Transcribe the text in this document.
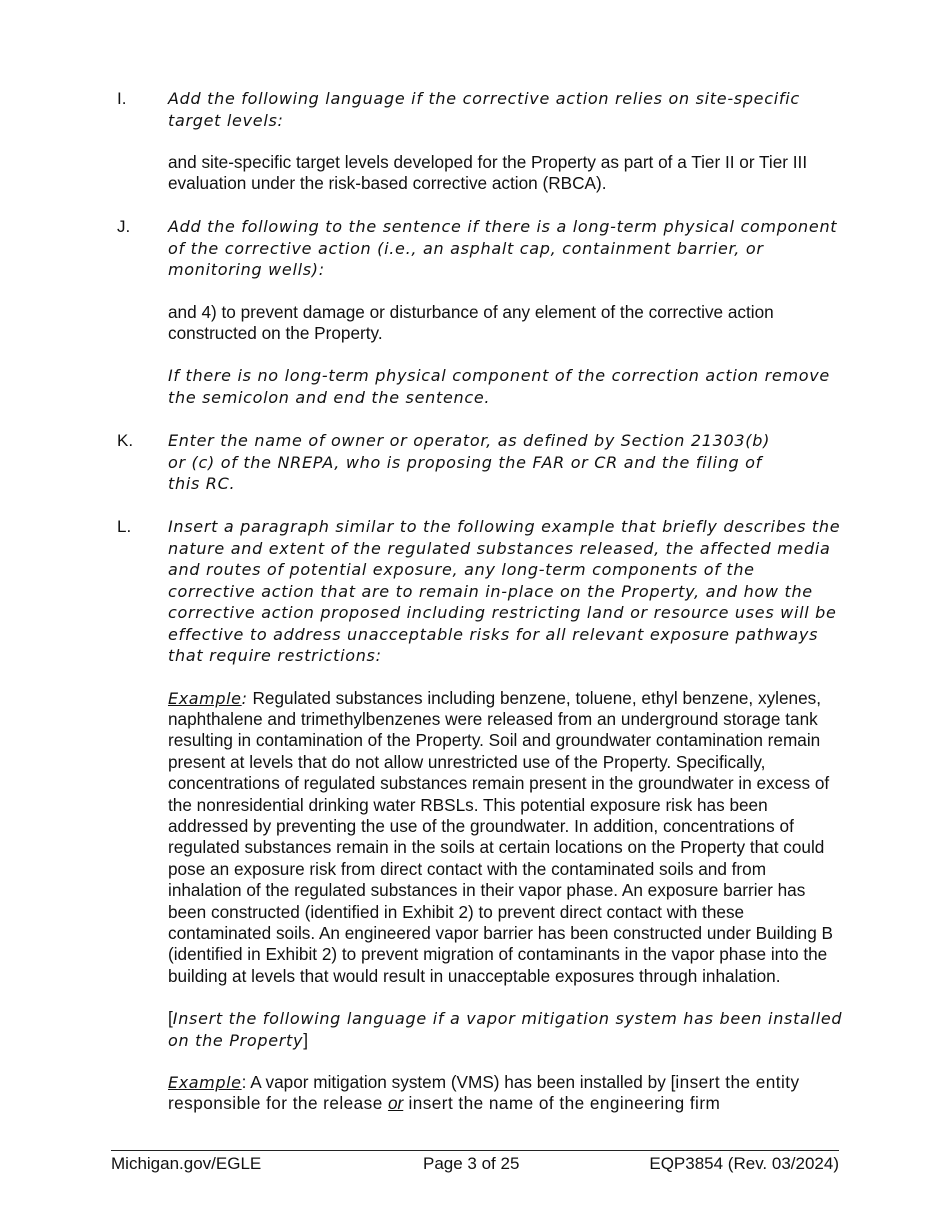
I.	Add the following language if the corrective action relies on site-specific target levels:

and site-specific target levels developed for the Property as part of a Tier II or Tier III evaluation under the risk-based corrective action (RBCA).

J. Add the following to the sentence if there is a long-term physical component of the corrective action (i.e., an asphalt cap, containment barrier, or monitoring wells):

and 4) to prevent damage or disturbance of any element of the corrective action constructed on the Property.

If there is no long-term physical component of the correction action remove the semicolon and end the sentence.

K. Enter the name of owner or operator, as defined by Section 21303(b) or (c) of the NREPA, who is proposing the FAR or CR and the filing of this RC.

L. Insert a paragraph similar to the following example that briefly describes the nature and extent of the regulated substances released, the affected media and routes of potential exposure, any long-term components of the corrective action that are to remain in-place on the Property, and how the corrective action proposed including restricting land or resource uses will be effective to address unacceptable risks for all relevant exposure pathways that require restrictions:

Example: Regulated substances including benzene, toluene, ethyl benzene, xylenes, naphthalene and trimethylbenzenes were released from an underground storage tank resulting in contamination of the Property. Soil and groundwater contamination remain present at levels that do not allow unrestricted use of the Property. Specifically, concentrations of regulated substances remain present in the groundwater in excess of the nonresidential drinking water RBSLs. This potential exposure risk has been addressed by preventing the use of the groundwater. In addition, concentrations of regulated substances remain in the soils at certain locations on the Property that could pose an exposure risk from direct contact with the contaminated soils and from inhalation of the regulated substances in their vapor phase. An exposure barrier has been constructed (identified in Exhibit 2) to prevent direct contact with these contaminated soils. An engineered vapor barrier has been constructed under Building B (identified in Exhibit 2) to prevent migration of contaminants in the vapor phase into the building at levels that would result in unacceptable exposures through inhalation.

[Insert the following language if a vapor mitigation system has been installed on the Property]

Example: A vapor mitigation system (VMS) has been installed by [insert the entity responsible for the release or insert the name of the engineering firm

Michigan.gov/EGLE	Page 3 of 25	EQP3854 (Rev. 03/2024)
